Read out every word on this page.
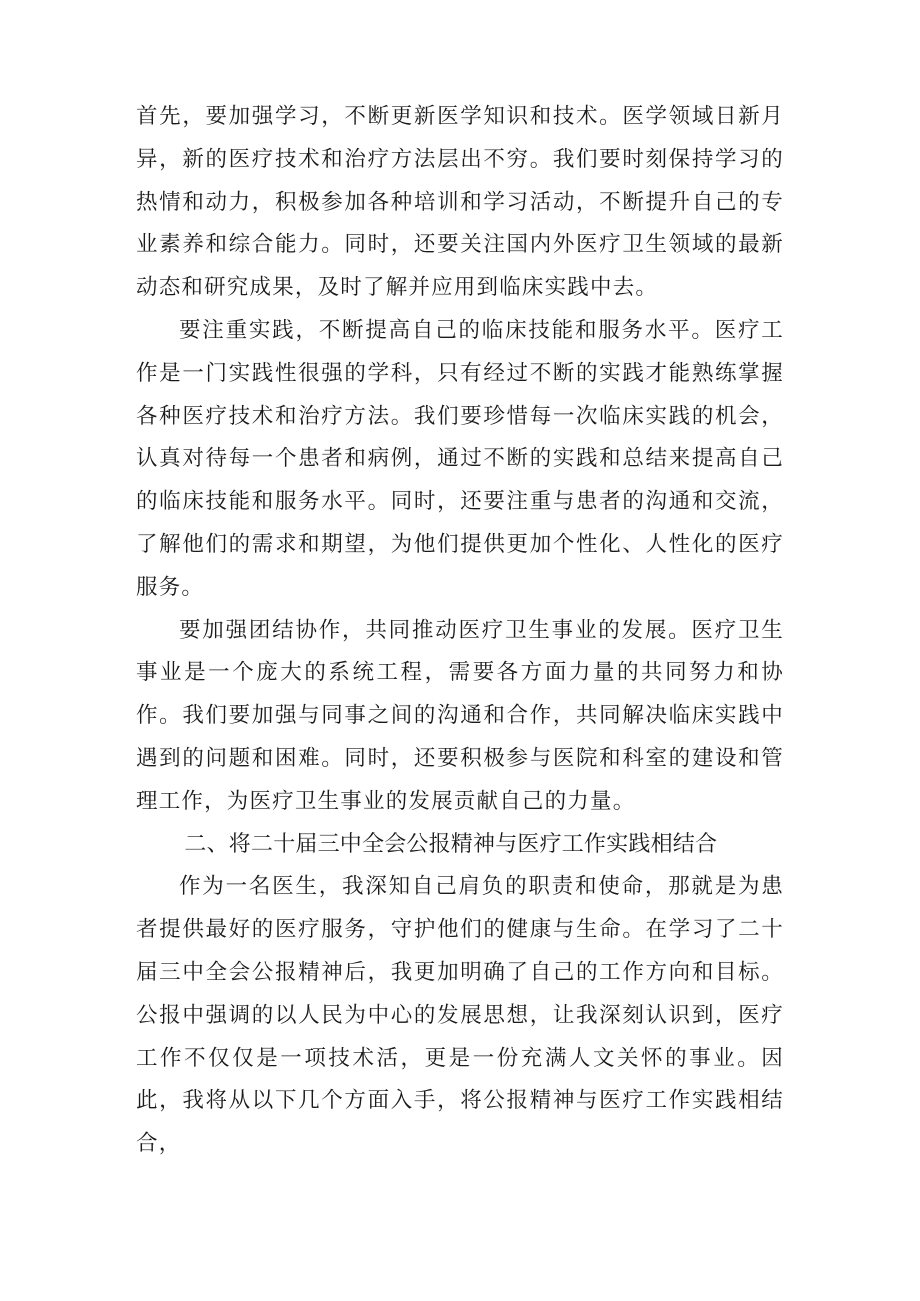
首先，要加强学习，不断更新医学知识和技术。医学领域日新月异，新的医疗技术和治疗方法层出不穷。我们要时刻保持学习的热情和动力，积极参加各种培训和学习活动，不断提升自己的专业素养和综合能力。同时，还要关注国内外医疗卫生领域的最新动态和研究成果，及时了解并应用到临床实践中去。

要注重实践，不断提高自己的临床技能和服务水平。医疗工作是一门实践性很强的学科，只有经过不断的实践才能熟练掌握各种医疗技术和治疗方法。我们要珍惜每一次临床实践的机会，认真对待每一个患者和病例，通过不断的实践和总结来提高自己的临床技能和服务水平。同时，还要注重与患者的沟通和交流，了解他们的需求和期望，为他们提供更加个性化、人性化的医疗服务。

要加强团结协作，共同推动医疗卫生事业的发展。医疗卫生事业是一个庞大的系统工程，需要各方面力量的共同努力和协作。我们要加强与同事之间的沟通和合作，共同解决临床实践中遇到的问题和困难。同时，还要积极参与医院和科室的建设和管理工作，为医疗卫生事业的发展贡献自己的力量。

二、将二十届三中全会公报精神与医疗工作实践相结合

作为一名医生，我深知自己肩负的职责和使命，那就是为患者提供最好的医疗服务，守护他们的健康与生命。在学习了二十届三中全会公报精神后，我更加明确了自己的工作方向和目标。公报中强调的以人民为中心的发展思想，让我深刻认识到，医疗工作不仅仅是一项技术活，更是一份充满人文关怀的事业。因此，我将从以下几个方面入手，将公报精神与医疗工作实践相结合，
